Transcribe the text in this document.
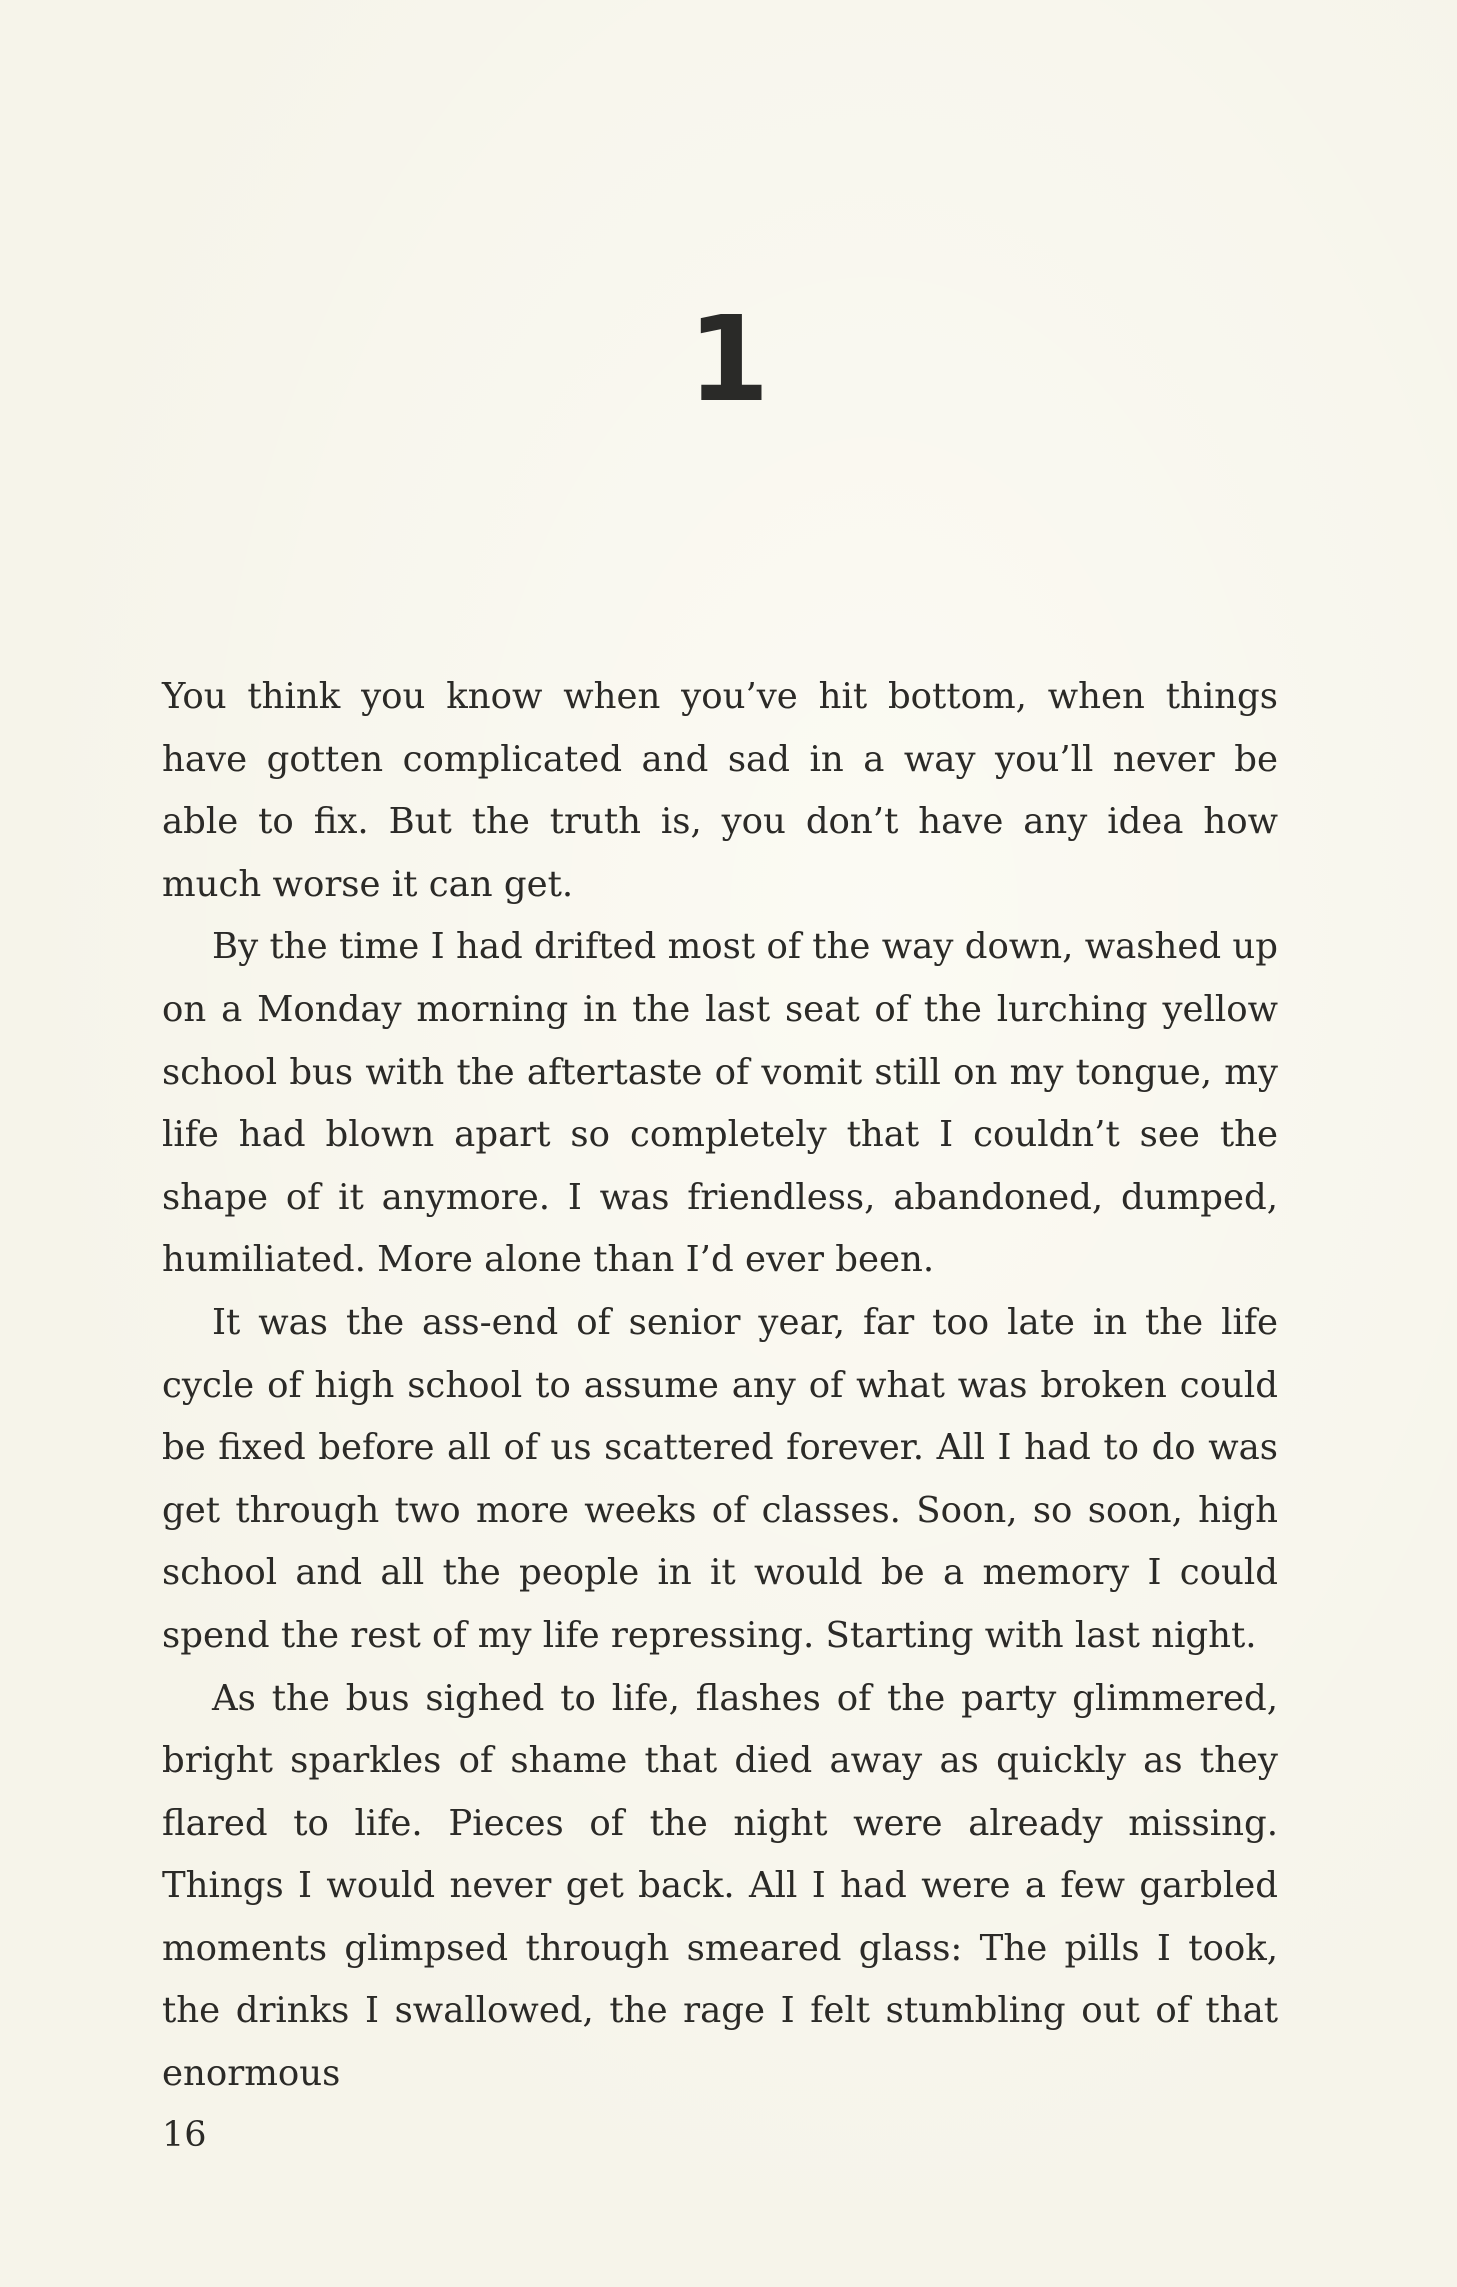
1

You think you know when you’ve hit bottom, when things have gotten complicated and sad in a way you’ll never be able to fix. But the truth is, you don’t have any idea how much worse it can get.

By the time I had drifted most of the way down, washed up on a Monday morning in the last seat of the lurching yellow school bus with the aftertaste of vomit still on my tongue, my life had blown apart so completely that I couldn’t see the shape of it anymore. I was friendless, abandoned, dumped, humiliated. More alone than I’d ever been.

It was the ass-end of senior year, far too late in the life cycle of high school to assume any of what was broken could be fixed before all of us scattered forever. All I had to do was get through two more weeks of classes. Soon, so soon, high school and all the people in it would be a memory I could spend the rest of my life repressing. Starting with last night.

As the bus sighed to life, flashes of the party glimmered, bright sparkles of shame that died away as quickly as they flared to life. Pieces of the night were already missing. Things I would never get back. All I had were a few garbled moments glimpsed through smeared glass: The pills I took, the drinks I swallowed, the rage I felt stumbling out of that enormous

16
